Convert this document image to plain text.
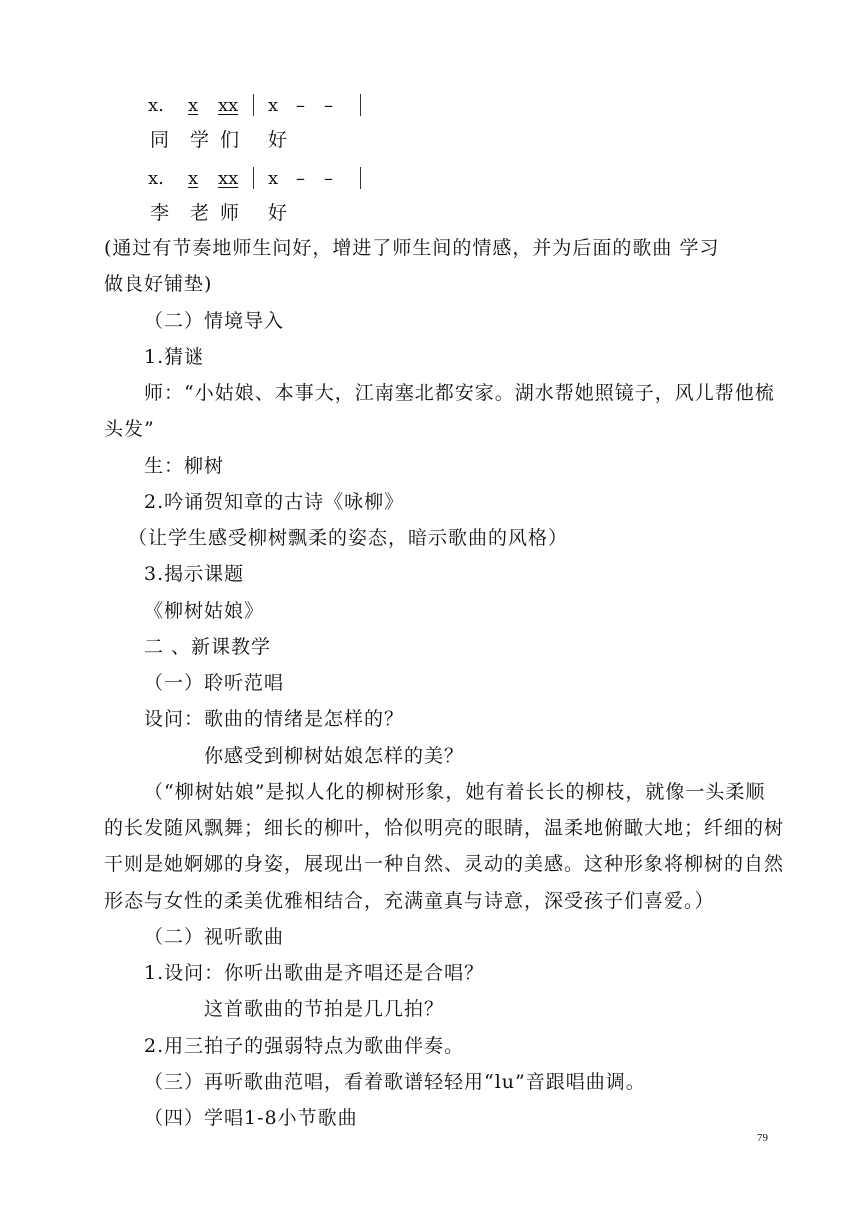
x. x xx x – –
同 学 们 好
x. x xx x – –
李 老 师 好
(通过有节奏地师生问好，增进了师生间的情感，并为后面的歌曲 学习
做良好铺垫)
（二）情境导入
1.猜谜
师：“小姑娘、本事大，江南塞北都安家。湖水帮她照镜子，风儿帮他梳
头发”
生：柳树
2.吟诵贺知章的古诗《咏柳》
（让学生感受柳树飘柔的姿态，暗示歌曲的风格）
3.揭示课题
《柳树姑娘》
二 、新课教学
（一）聆听范唱
设问：歌曲的情绪是怎样的？
你感受到柳树姑娘怎样的美？
（“柳树姑娘”是拟人化的柳树形象，她有着长长的柳枝，就像一头柔顺
的长发随风飘舞；细长的柳叶，恰似明亮的眼睛，温柔地俯瞰大地；纤细的树
干则是她婀娜的身姿，展现出一种自然、灵动的美感。这种形象将柳树的自然
形态与女性的柔美优雅相结合，充满童真与诗意，深受孩子们喜爱。）
（二）视听歌曲
1.设问：你听出歌曲是齐唱还是合唱？
这首歌曲的节拍是几几拍？
2.用三拍子的强弱特点为歌曲伴奏。
（三）再听歌曲范唱，看着歌谱轻轻用“lu”音跟唱曲调。
（四）学唱1-8小节歌曲
79
